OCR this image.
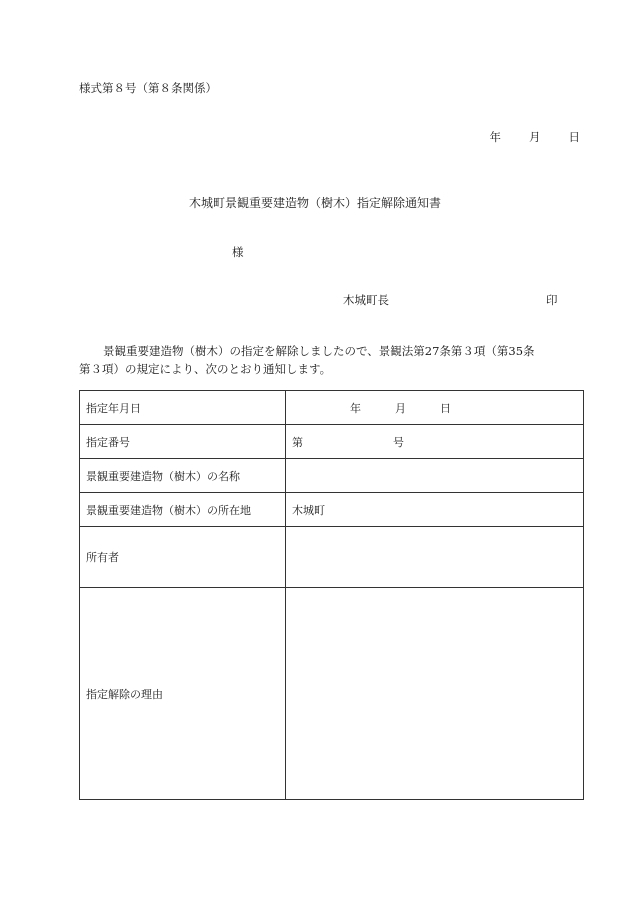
様式第８号（第８条関係）
年 月 日
木城町景観重要建造物（樹木）指定解除通知書
様
木城町長	印

景観重要建造物（樹木）の指定を解除しましたので、景観法第27条第３項（第35条

第３項）の規定により、次のとおり通知します。

指定年月日	年 月 日

指定番号	第 号
景観重要建造物（樹木）の名称	
景観重要建造物（樹木）の所在地	木城町
所有者	
指定解除の理由	
